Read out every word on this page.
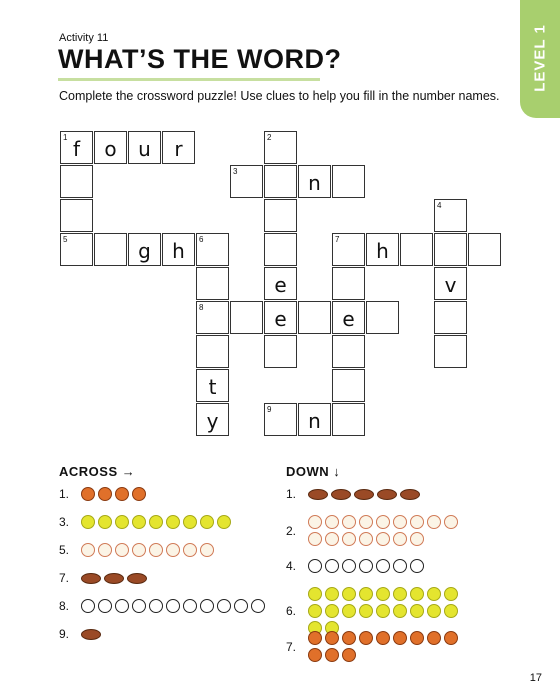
LEVEL 1
Activity 11
WHAT’S THE WORD?
Complete the crossword puzzle! Use clues to help you fill in the number names.
1 f	o	u	r	2
3	n
4
5	g	h	6	7	h
e	v
8	e	e
t
y	9	n
ACROSS →	DOWN ↓
1.
3.
5.
7.
8.
9.
1.
2.
4.
6.
7.
17
